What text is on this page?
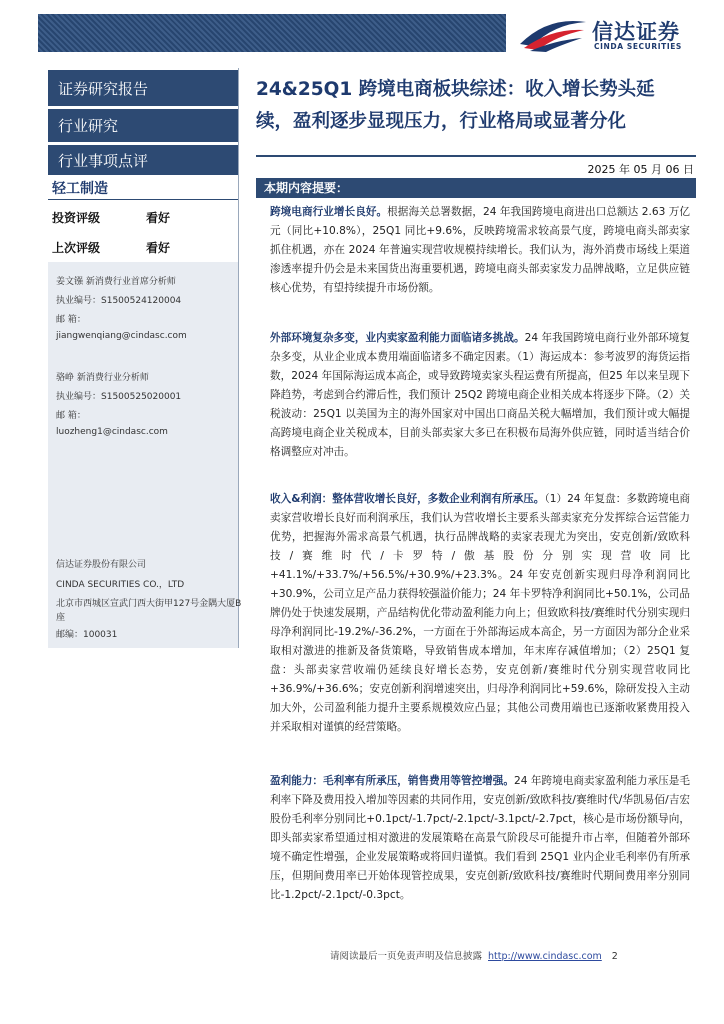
信达证券
CINDA SECURITIES
证券研究报告
行业研究
行业事项点评
轻工制造
投资评级	看好
上次评级	看好
姜文镪 新消费行业首席分析师
执业编号：S1500524120004
邮 箱：
jiangwenqiang@cindasc.com
骆峥 新消费行业分析师
执业编号：S1500525020001
邮 箱：
luozheng1@cindasc.com
信达证券股份有限公司
CINDA SECURITIES CO.，LTD
北京市西城区宣武门西大街甲127号金隅大厦B
座
邮编：100031
24&25Q1 跨境电商板块综述：收入增长势头延
续，盈利逐步显现压力，行业格局或显著分化
2025 年 05 月 06 日
本期内容提要：
跨境电商行业增长良好。根据海关总署数据，24 年我国跨境电商进出口总额达 2.63 万亿元（同比+10.8%），25Q1 同比+9.6%，反映跨境需求较高景气度，跨境电商头部卖家抓住机遇，亦在 2024 年普遍实现营收规模持续增长。我们认为，海外消费市场线上渠道渗透率提升仍会是未来国货出海重要机遇，跨境电商头部卖家发力品牌战略，立足供应链核心优势，有望持续提升市场份额。
外部环境复杂多变，业内卖家盈利能力面临诸多挑战。24 年我国跨境电商行业外部环境复杂多变，从业企业成本费用端面临诸多不确定因素。（1）海运成本：参考波罗的海货运指数，2024 年国际海运成本高企，或导致跨境卖家头程运费有所提高，但25 年以来呈现下降趋势，考虑到合约滞后性，我们预计 25Q2 跨境电商企业相关成本将逐步下降。（2）关税波动：25Q1 以美国为主的海外国家对中国出口商品关税大幅增加，我们预计或大幅提高跨境电商企业关税成本，目前头部卖家大多已在积极布局海外供应链，同时适当结合价格调整应对冲击。
收入&利润：整体营收增长良好，多数企业利润有所承压。（1）24 年复盘：多数跨境电商卖家营收增长良好而利润承压，我们认为营收增长主要系头部卖家充分发挥综合运营能力优势，把握海外需求高景气机遇，执行品牌战略的卖家表现尤为突出，安克创新/致欧科技/赛维时代/卡罗特/傲基股份分别实现营收同比+41.1%/+33.7%/+56.5%/+30.9%/+23.3%。24 年安克创新实现归母净利润同比+30.9%，公司立足产品力获得较强溢价能力；24 年卡罗特净利润同比+50.1%，公司品牌仍处于快速发展期，产品结构优化带动盈利能力向上；但致欧科技/赛维时代分别实现归母净利润同比-19.2%/-36.2%，一方面在于外部海运成本高企，另一方面因为部分企业采取相对激进的推新及备货策略，导致销售成本增加，年末库存减值增加；（2）25Q1 复盘：头部卖家营收端仍延续良好增长态势，安克创新/赛维时代分别实现营收同比+36.9%/+36.6%；安克创新利润增速突出，归母净利润同比+59.6%，除研发投入主动加大外，公司盈利能力提升主要系规模效应凸显；其他公司费用端也已逐渐收紧费用投入并采取相对谨慎的经营策略。
盈利能力：毛利率有所承压，销售费用等管控增强。24 年跨境电商卖家盈利能力承压是毛利率下降及费用投入增加等因素的共同作用，安克创新/致欧科技/赛维时代/华凯易佰/吉宏股份毛利率分别同比+0.1pct/-1.7pct/-2.1pct/-3.1pct/-2.7pct，核心是市场份额导向，即头部卖家希望通过相对激进的发展策略在高景气阶段尽可能提升市占率，但随着外部环境不确定性增强，企业发展策略或将回归谨慎。我们看到 25Q1 业内企业毛利率仍有所承压，但期间费用率已开始体现管控成果，安克创新/致欧科技/赛维时代期间费用率分别同比-1.2pct/-2.1pct/-0.3pct。
请阅读最后一页免责声明及信息披露 http://www.cindasc.com 2
